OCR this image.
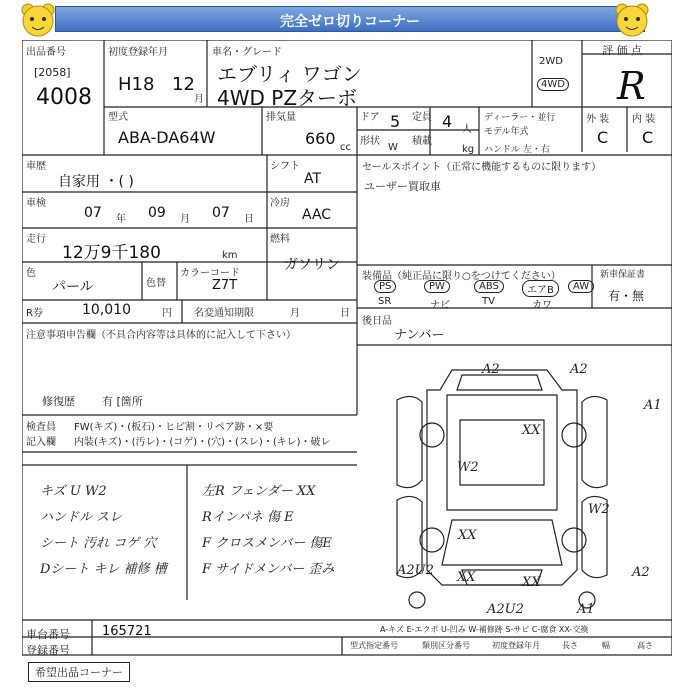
完全ゼロ切りコーナー
出品番号
[2058]
4008
初度登録年月
H18 12
月
車名・グレード
エブリィ ワゴン
4WD PZターボ
2WD
4WD
評 価 点
R
外 装 内 装
C C
型式
ABA-DA64W
排気量
660 cc
ドア 5 定員 4 人
形状
W
積載
kg
ディーラー・並行
モデル年式
ハンドル 左・右
車歴
自家用 ・( )
シフト
AT
車検
07 年 09 月 07 日
冷房
AAC
走行
12万9千180	km
燃料
ガソリン
色
パール	色替
カラーコード
Z7T
R券	10,010	円 名変通知期限	月	日
注意事項申告欄（不具合内容等は具体的に記入して下さい）
修復歴 有 [箇所
セールスポイント（正常に機能するものに限ります）
ユーザー買取車
装備品（純正品に限り○をつけてください）	新車保証書
有・無
PS	PW	ABS	エアB	AW
SR	ナビ	TV	カワ
後日品
ナンバー
検査員 FW(キズ)・(板石)・ヒビ割・リペア跡・×要
記入欄 内装(キズ)・(汚レ)・(コゲ)・(穴)・(スレ)・(キレ)・破レ
キズ U W2
ハンドル スレ
シート 汚れ コゲ 穴
Dシート キレ 補修 槽
左R フェンダー XX
Rインパネ 傷 E
F クロスメンバー 傷E
F サイドメンバー 歪み
A2	A2
A1
XX
W2
W2
XX
XX	XX
A2U2
A2U2	A1
A2
A-キズ E-エクボ U-凹み W-補修跡 S-サビ C-腐食 XX-交換
車台番号 165721
登録番号	型式指定番号	類別区分番号	初度登録年月	長さ	幅	高さ
希望出品コーナー
